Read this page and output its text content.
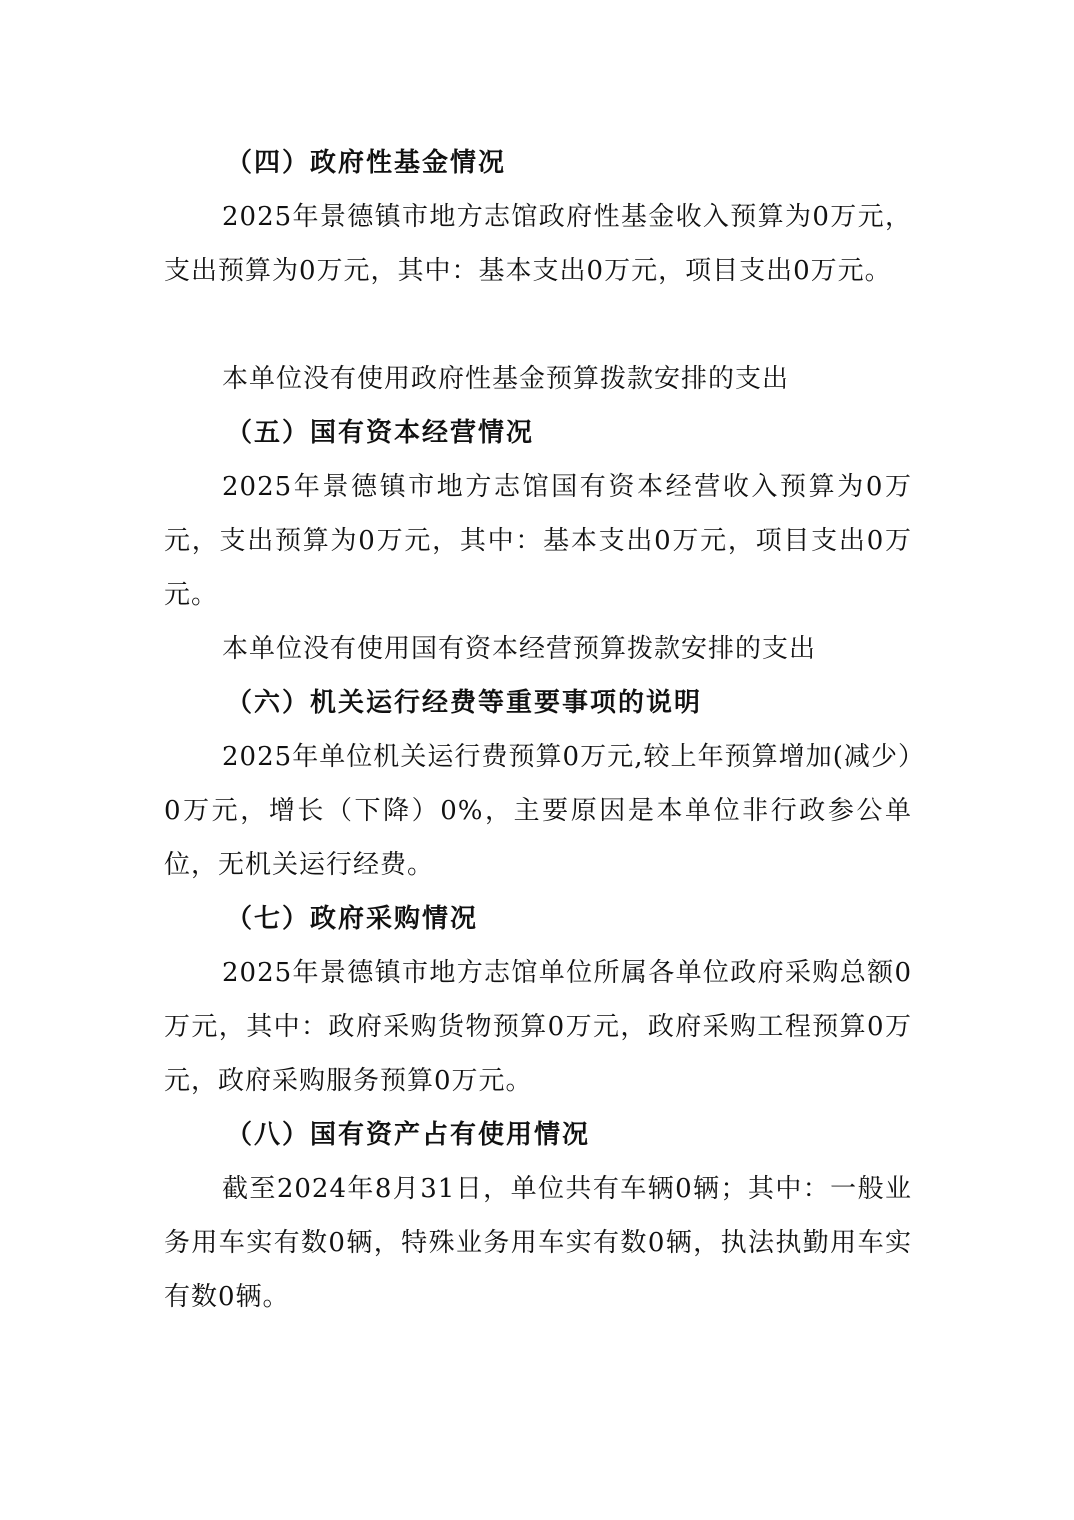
（四）政府性基金情况
2025年景德镇市地方志馆政府性基金收入预算为0万元，支出预算为0万元，其中：基本支出0万元，项目支出0万元。
本单位没有使用政府性基金预算拨款安排的支出
（五）国有资本经营情况
2025年景德镇市地方志馆国有资本经营收入预算为0万元，支出预算为0万元，其中：基本支出0万元，项目支出0万元。
本单位没有使用国有资本经营预算拨款安排的支出
（六）机关运行经费等重要事项的说明
2025年单位机关运行费预算0万元,较上年预算增加(减少）0万元，增长（下降）0%，主要原因是本单位非行政参公单位，无机关运行经费。
（七）政府采购情况
2025年景德镇市地方志馆单位所属各单位政府采购总额0万元，其中：政府采购货物预算0万元，政府采购工程预算0万元，政府采购服务预算0万元。
（八）国有资产占有使用情况
截至2024年8月31日，单位共有车辆0辆；其中：一般业务用车实有数0辆，特殊业务用车实有数0辆，执法执勤用车实有数0辆。
